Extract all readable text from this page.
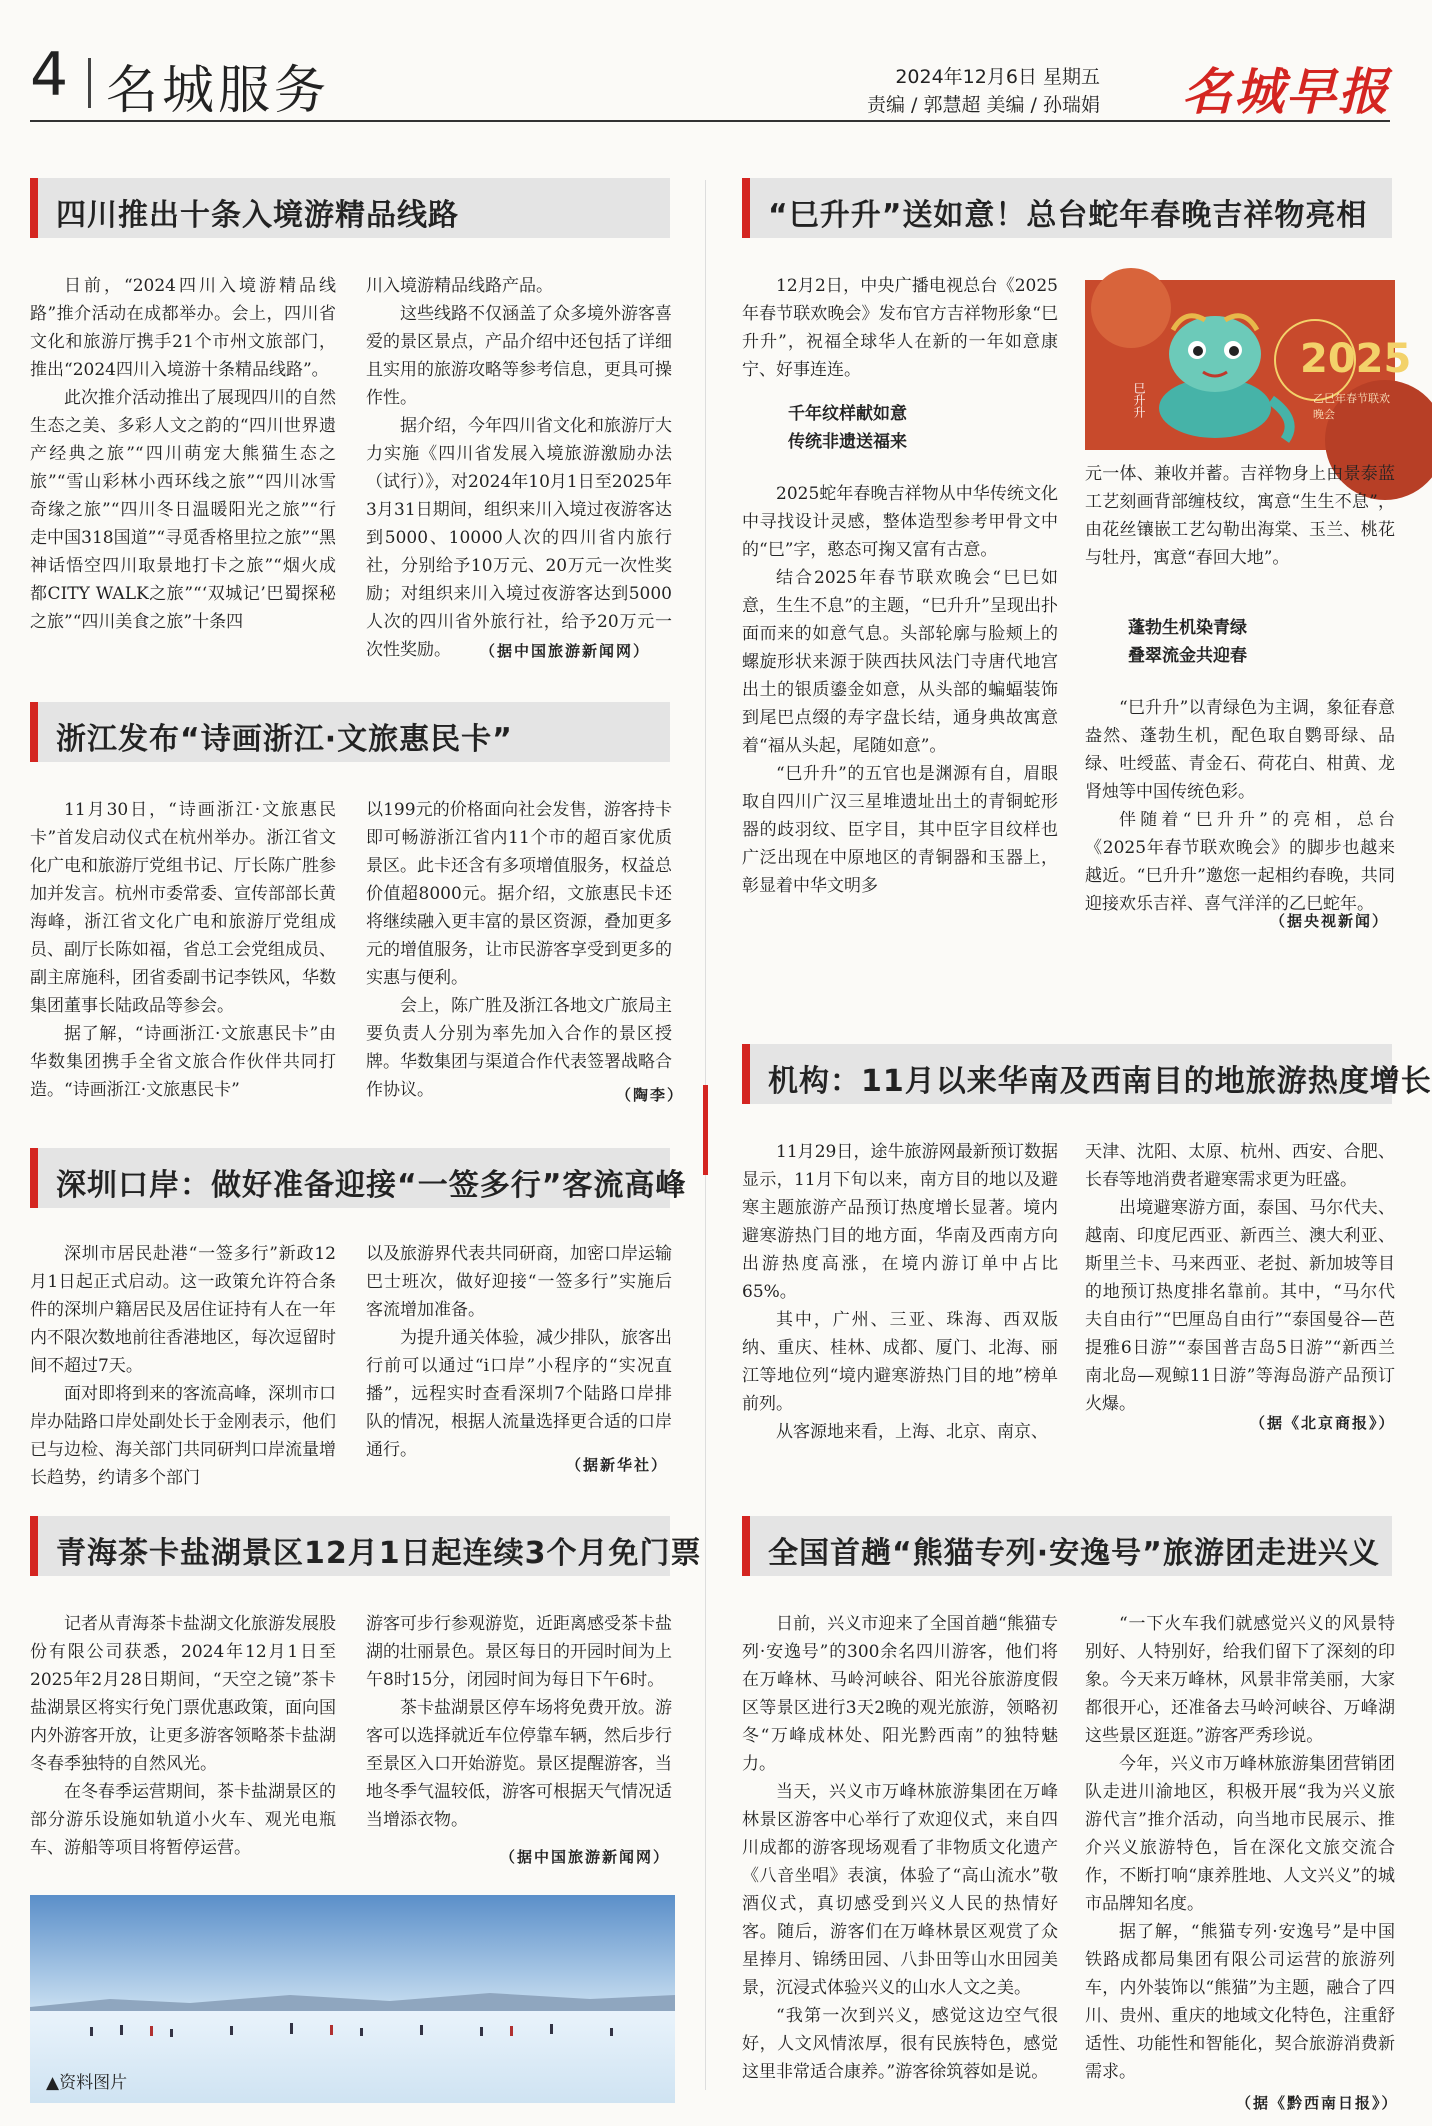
4 名城服务	2024年12月6日 星期五
责编 / 郭慧超 美编 / 孙瑞娟 名城早报
四川推出十条入境游精品线路

日前，“2024四川入境游精品线路”推介活动在成都举办。会上，四川省文化和旅游厅携手21个市州文旅部门，推出“2024四川入境游十条精品线路”。

此次推介活动推出了展现四川的自然生态之美、多彩人文之韵的“四川世界遗产经典之旅”“四川萌宠大熊猫生态之旅”“雪山彩林小西环线之旅”“四川冰雪奇缘之旅”“四川冬日温暖阳光之旅”“行走中国318国道”“寻觅香格里拉之旅”“黑神话悟空四川取景地打卡之旅”“烟火成都CITY WALK之旅”“‘双城记’巴蜀探秘之旅”“四川美食之旅”十条四

川入境游精品线路产品。

这些线路不仅涵盖了众多境外游客喜爱的景区景点，产品介绍中还包括了详细且实用的旅游攻略等参考信息，更具可操作性。

据介绍，今年四川省文化和旅游厅大力实施《四川省发展入境旅游激励办法（试行）》，对2024年10月1日至2025年3月31日期间，组织来川入境过夜游客达到5000、10000人次的四川省内旅行社，分别给予10万元、20万元一次性奖励；对组织来川入境过夜游客达到5000人次的四川省外旅行社，给予20万元一次性奖励。	（据中国旅游新闻网）
浙江发布“诗画浙江·文旅惠民卡”

11月30日，“诗画浙江·文旅惠民卡”首发启动仪式在杭州举办。浙江省文化广电和旅游厅党组书记、厅长陈广胜参加并发言。杭州市委常委、宣传部部长黄海峰，浙江省文化广电和旅游厅党组成员、副厅长陈如福，省总工会党组成员、副主席施科，团省委副书记李铁风，华数集团董事长陆政品等参会。

据了解，“诗画浙江·文旅惠民卡”由华数集团携手全省文旅合作伙伴共同打造。“诗画浙江·文旅惠民卡”

以199元的价格面向社会发售，游客持卡即可畅游浙江省内11个市的超百家优质景区。此卡还含有多项增值服务，权益总价值超8000元。据介绍，文旅惠民卡还将继续融入更丰富的景区资源，叠加更多元的增值服务，让市民游客享受到更多的实惠与便利。

会上，陈广胜及浙江各地文广旅局主要负责人分别为率先加入合作的景区授牌。华数集团与渠道合作代表签署战略合作协议。	（陶李）
深圳口岸：做好准备迎接“一签多行”客流高峰

深圳市居民赴港“一签多行”新政12月1日起正式启动。这一政策允许符合条件的深圳户籍居民及居住证持有人在一年内不限次数地前往香港地区，每次逗留时间不超过7天。

面对即将到来的客流高峰，深圳市口岸办陆路口岸处副处长于金刚表示，他们已与边检、海关部门共同研判口岸流量增长趋势，约请多个部门

以及旅游界代表共同研商，加密口岸运输巴士班次，做好迎接“一签多行”实施后客流增加准备。

为提升通关体验，减少排队，旅客出行前可以通过“i口岸”小程序的“实况直播”，远程实时查看深圳7个陆路口岸排队的情况，根据人流量选择更合适的口岸通行。

（据新华社）
青海茶卡盐湖景区12月1日起连续3个月免门票

记者从青海茶卡盐湖文化旅游发展股份有限公司获悉，2024年12月1日至2025年2月28日期间，“天空之镜”茶卡盐湖景区将实行免门票优惠政策，面向国内外游客开放，让更多游客领略茶卡盐湖冬春季独特的自然风光。

在冬春季运营期间，茶卡盐湖景区的部分游乐设施如轨道小火车、观光电瓶车、游船等项目将暂停运营。

游客可步行参观游览，近距离感受茶卡盐湖的壮丽景色。景区每日的开园时间为上午8时15分，闭园时间为每日下午6时。

茶卡盐湖景区停车场将免费开放。游客可以选择就近车位停靠车辆，然后步行至景区入口开始游览。景区提醒游客，当地冬季气温较低，游客可根据天气情况适当增添衣物。

（据中国旅游新闻网）
▲资料图片
“巳升升”送如意！总台蛇年春晚吉祥物亮相

12月2日，中央广播电视总台《2025年春节联欢晚会》发布官方吉祥物形象“巳升升”，祝福全球华人在新的一年如意康宁、好事连连。

千年纹样献如意
传统非遗送福来

2025蛇年春晚吉祥物从中华传统文化中寻找设计灵感，整体造型参考甲骨文中的“巳”字，憨态可掬又富有古意。

结合2025年春节联欢晚会“巳巳如意，生生不息”的主题，“巳升升”呈现出扑面而来的如意气息。头部轮廓与脸颊上的螺旋形状来源于陕西扶风法门寺唐代地宫出土的银质鎏金如意，从头部的蝙蝠装饰到尾巴点缀的寿字盘长结，通身典故寓意着“福从头起，尾随如意”。

“巳升升”的五官也是渊源有自，眉眼取自四川广汉三星堆遗址出土的青铜蛇形器的歧羽纹、臣字目，其中臣字目纹样也广泛出现在中原地区的青铜器和玉器上，彰显着中华文明多

2025
乙巳年春节联欢晚会
巳升升

元一体、兼收并蓄。吉祥物身上由景泰蓝工艺刻画背部缠枝纹，寓意“生生不息”，由花丝镶嵌工艺勾勒出海棠、玉兰、桃花与牡丹，寓意“春回大地”。

蓬勃生机染青绿
叠翠流金共迎春

“巳升升”以青绿色为主调，象征春意盎然、蓬勃生机，配色取自鹦哥绿、品绿、吐绶蓝、青金石、荷花白、柑黄、龙肾烛等中国传统色彩。

伴随着“巳升升”的亮相，总台《2025年春节联欢晚会》的脚步也越来越近。“巳升升”邀您一起相约春晚，共同迎接欢乐吉祥、喜气洋洋的乙巳蛇年。

（据央视新闻）
机构：11月以来华南及西南目的地旅游热度增长

11月29日，途牛旅游网最新预订数据显示，11月下旬以来，南方目的地以及避寒主题旅游产品预订热度增长显著。境内避寒游热门目的地方面，华南及西南方向出游热度高涨，在境内游订单中占比65%。

其中，广州、三亚、珠海、西双版纳、重庆、桂林、成都、厦门、北海、丽江等地位列“境内避寒游热门目的地”榜单前列。

从客源地来看，上海、北京、南京、

天津、沈阳、太原、杭州、西安、合肥、长春等地消费者避寒需求更为旺盛。

出境避寒游方面，泰国、马尔代夫、越南、印度尼西亚、新西兰、澳大利亚、斯里兰卡、马来西亚、老挝、新加坡等目的地预订热度排名靠前。其中，“马尔代夫自由行”“巴厘岛自由行”“泰国曼谷—芭提雅6日游”“泰国普吉岛5日游”“新西兰南北岛—观鲸11日游”等海岛游产品预订火爆。

（据《北京商报》）
全国首趟“熊猫专列·安逸号”旅游团走进兴义

日前，兴义市迎来了全国首趟“熊猫专列·安逸号”的300余名四川游客，他们将在万峰林、马岭河峡谷、阳光谷旅游度假区等景区进行3天2晚的观光旅游，领略初冬“万峰成林处、阳光黔西南”的独特魅力。

当天，兴义市万峰林旅游集团在万峰林景区游客中心举行了欢迎仪式，来自四川成都的游客现场观看了非物质文化遗产《八音坐唱》表演，体验了“高山流水”敬酒仪式，真切感受到兴义人民的热情好客。随后，游客们在万峰林景区观赏了众星捧月、锦绣田园、八卦田等山水田园美景，沉浸式体验兴义的山水人文之美。

“我第一次到兴义，感觉这边空气很好，人文风情浓厚，很有民族特色，感觉这里非常适合康养。”游客徐筑蓉如是说。

“一下火车我们就感觉兴义的风景特别好、人特别好，给我们留下了深刻的印象。今天来万峰林，风景非常美丽，大家都很开心，还准备去马岭河峡谷、万峰湖这些景区逛逛。”游客严秀珍说。

今年，兴义市万峰林旅游集团营销团队走进川渝地区，积极开展“我为兴义旅游代言”推介活动，向当地市民展示、推介兴义旅游特色，旨在深化文旅交流合作，不断打响“康养胜地、人文兴义”的城市品牌知名度。

据了解，“熊猫专列·安逸号”是中国铁路成都局集团有限公司运营的旅游列车，内外装饰以“熊猫”为主题，融合了四川、贵州、重庆的地域文化特色，注重舒适性、功能性和智能化，契合旅游消费新需求。

（据《黔西南日报》）
